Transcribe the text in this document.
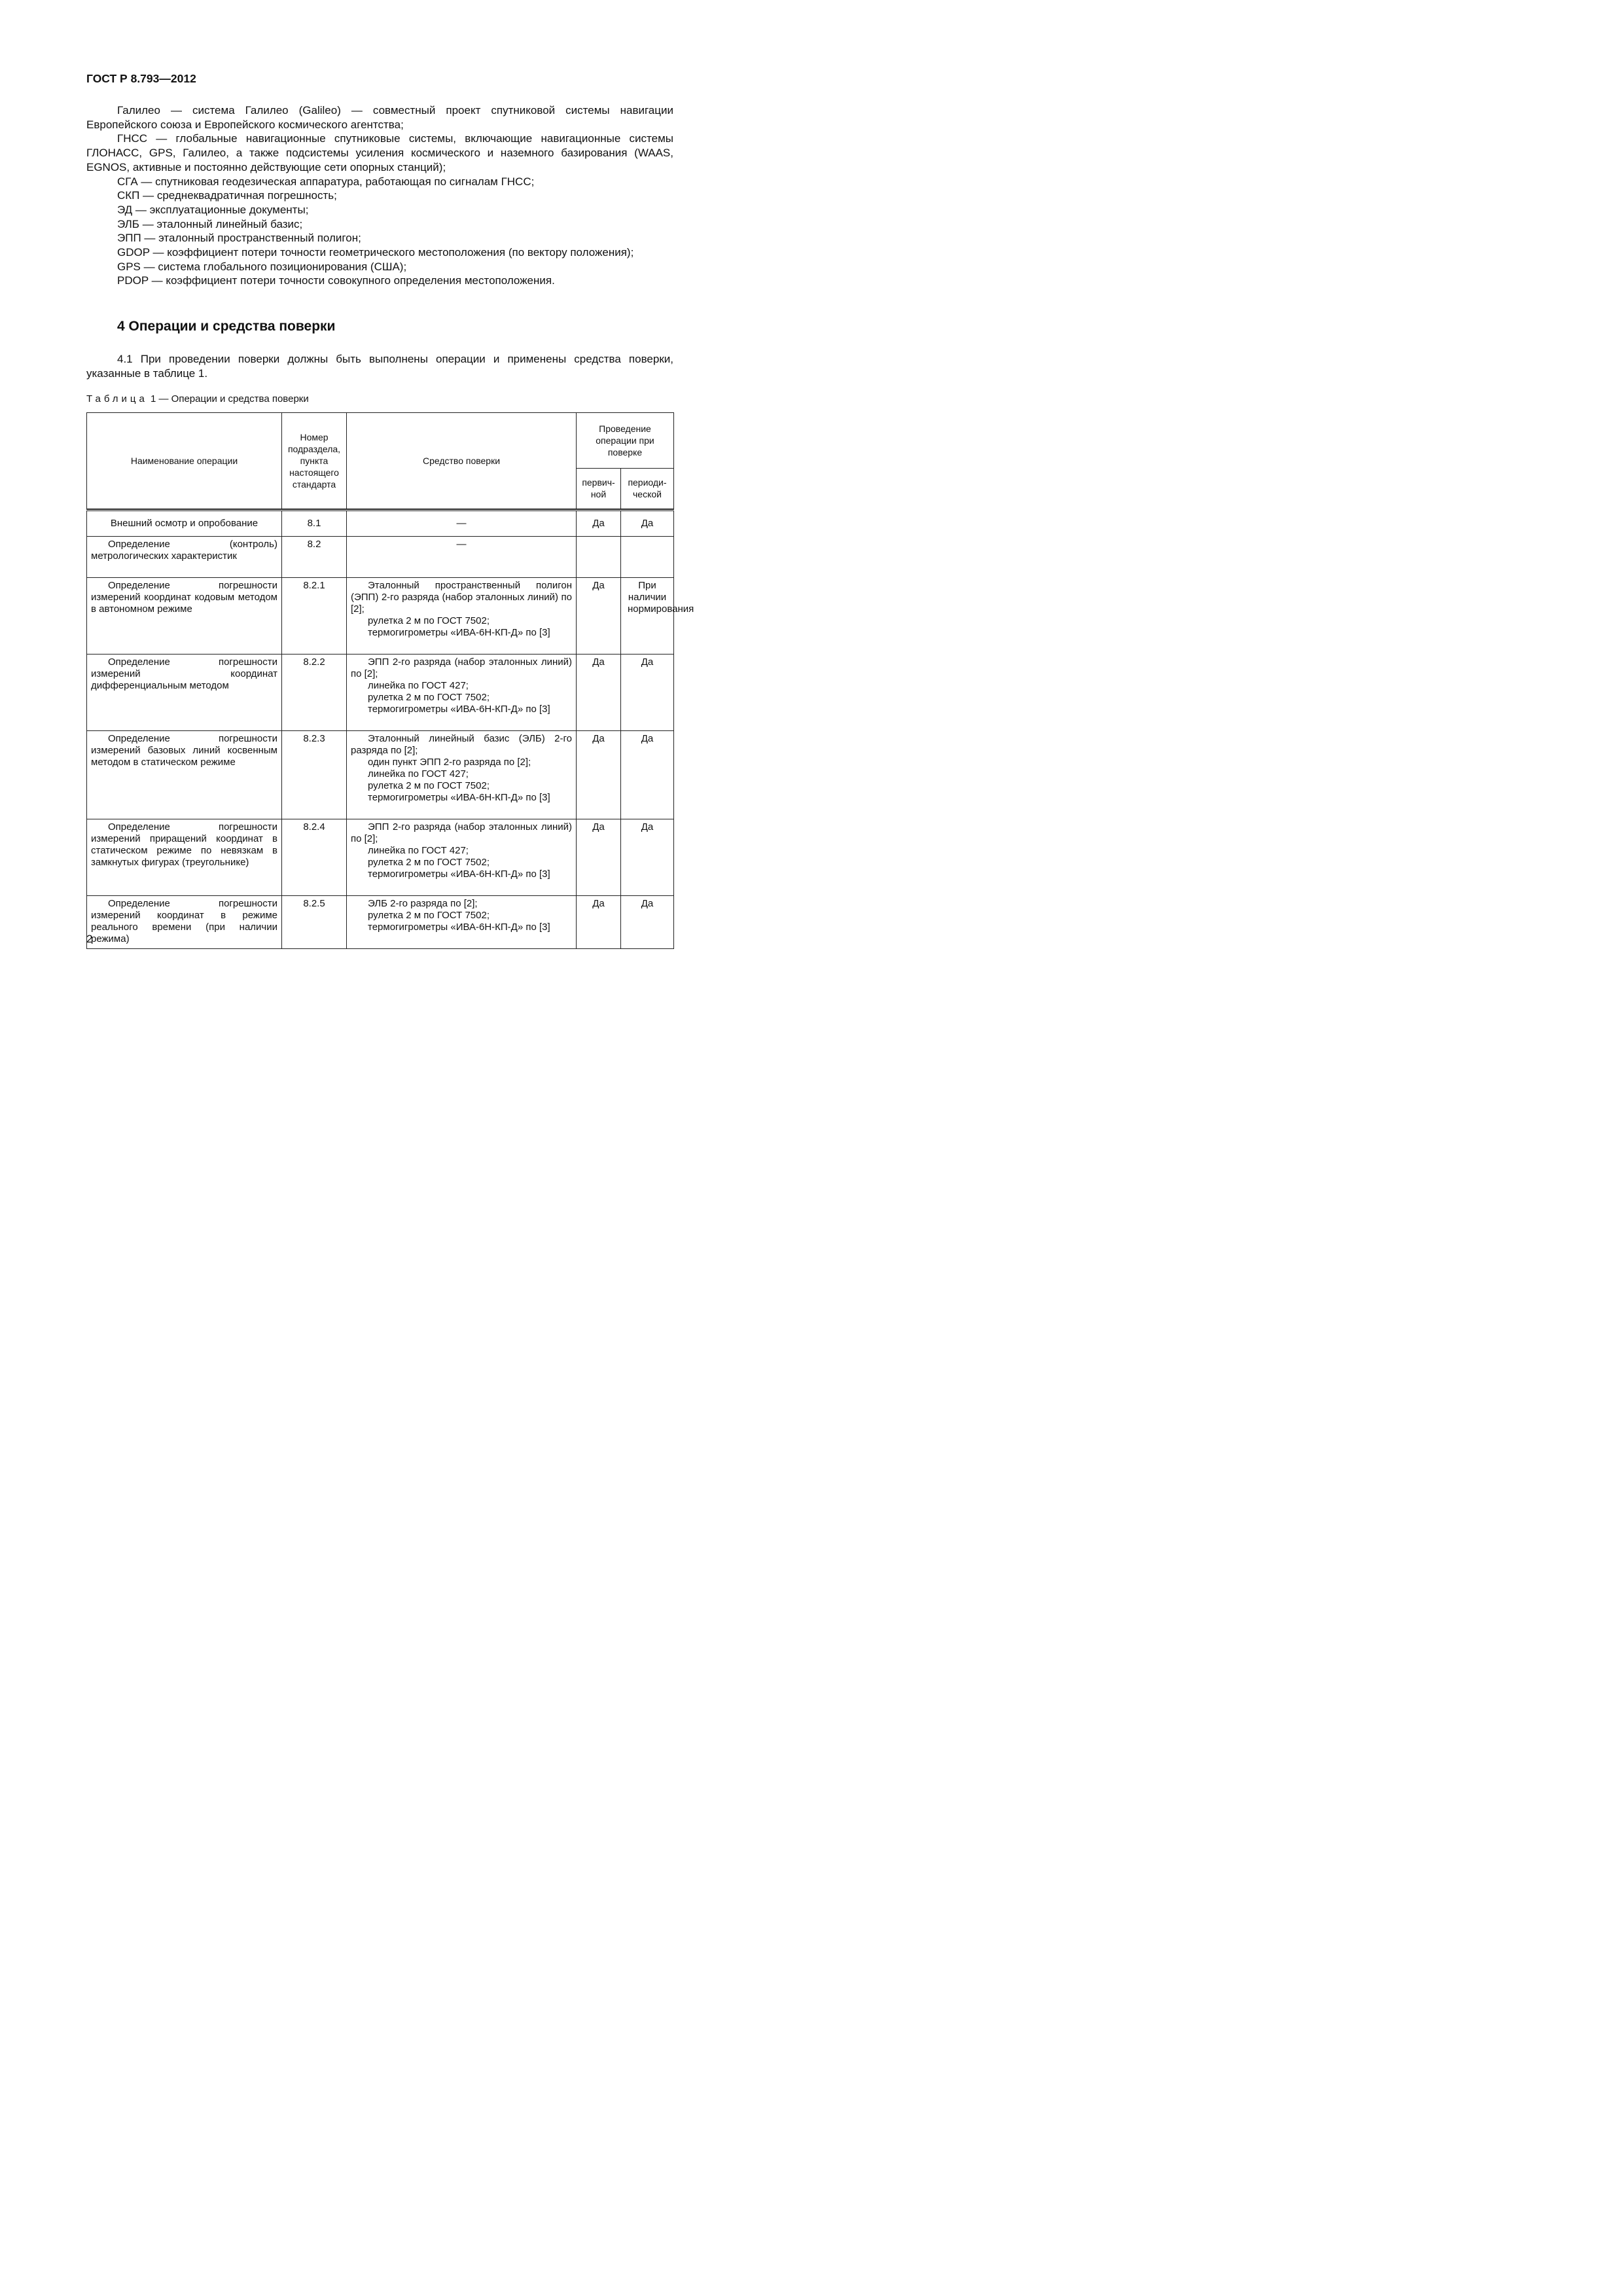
ГОСТ Р 8.793—2012

Галилео — система Галилео (Galileo) — совместный проект спутниковой системы навигации Европейского союза и Европейского космического агентства;

ГНСС — глобальные навигационные спутниковые системы, включающие навигационные системы ГЛОНАСС, GPS, Галилео, а также подсистемы усиления космического и наземного базирования (WAAS, EGNOS, активные и постоянно действующие сети опорных станций);

СГА — спутниковая геодезическая аппаратура, работающая по сигналам ГНСС;

СКП — среднеквадратичная погрешность;

ЭД — эксплуатационные документы;

ЭЛБ — эталонный линейный базис;

ЭПП — эталонный пространственный полигон;

GDOP — коэффициент потери точности геометрического местоположения (по вектору положения);

GPS — система глобального позиционирования (США);

PDOP — коэффициент потери точности совокупного определения местоположения.

4 Операции и средства поверки
4.1 При проведении поверки должны быть выполнены операции и применены средства поверки, указанные в таблице 1.
Таблица 1 — Операции и средства поверки
Наименование операции	Номер подраздела, пункта настоящего стандарта	Средство поверки	Проведение операции при поверке	
			первич-ной	периоди-ческой

Внешний осмотр и опробование	8.1	—	Да	Да
Определение (контроль) метрологических характеристик	8.2	—		

Определение погрешности измерений координат кодовым методом в автономном режиме	8.2.1	Эталонный пространственный полигон (ЭПП) 2-го разряда (набор эталонных линий) по [2];
рулетка 2 м по ГОСТ 7502;
термогигрометры «ИВА-6Н-КП-Д» по [3]	Да	При наличии нормирования
Определение погрешности измерений координат дифференциальным методом	8.2.2	ЭПП 2-го разряда (набор эталонных линий) по [2];
линейка по ГОСТ 427;
рулетка 2 м по ГОСТ 7502;
термогигрометры «ИВА-6Н-КП-Д» по [3]	Да	Да
Определение погрешности измерений базовых линий косвенным методом в статическом режиме	8.2.3	Эталонный линейный базис (ЭЛБ) 2-го разряда по [2];
один пункт ЭПП 2-го разряда по [2];
линейка по ГОСТ 427;
рулетка 2 м по ГОСТ 7502;
термогигрометры «ИВА-6Н-КП-Д» по [3]	Да	Да
Определение погрешности измерений приращений координат в статическом режиме по невязкам в замкнутых фигурах (треугольнике)	8.2.4	ЭПП 2-го разряда (набор эталонных линий) по [2];
линейка по ГОСТ 427;
рулетка 2 м по ГОСТ 7502;
термогигрометры «ИВА-6Н-КП-Д» по [3]	Да	Да
Определение погрешности измерений координат в режиме реального времени (при наличии режима)	8.2.5	ЭЛБ 2-го разряда по [2];
рулетка 2 м по ГОСТ 7502;
термогигрометры «ИВА-6Н-КП-Д» по [3]	Да	Да
2
